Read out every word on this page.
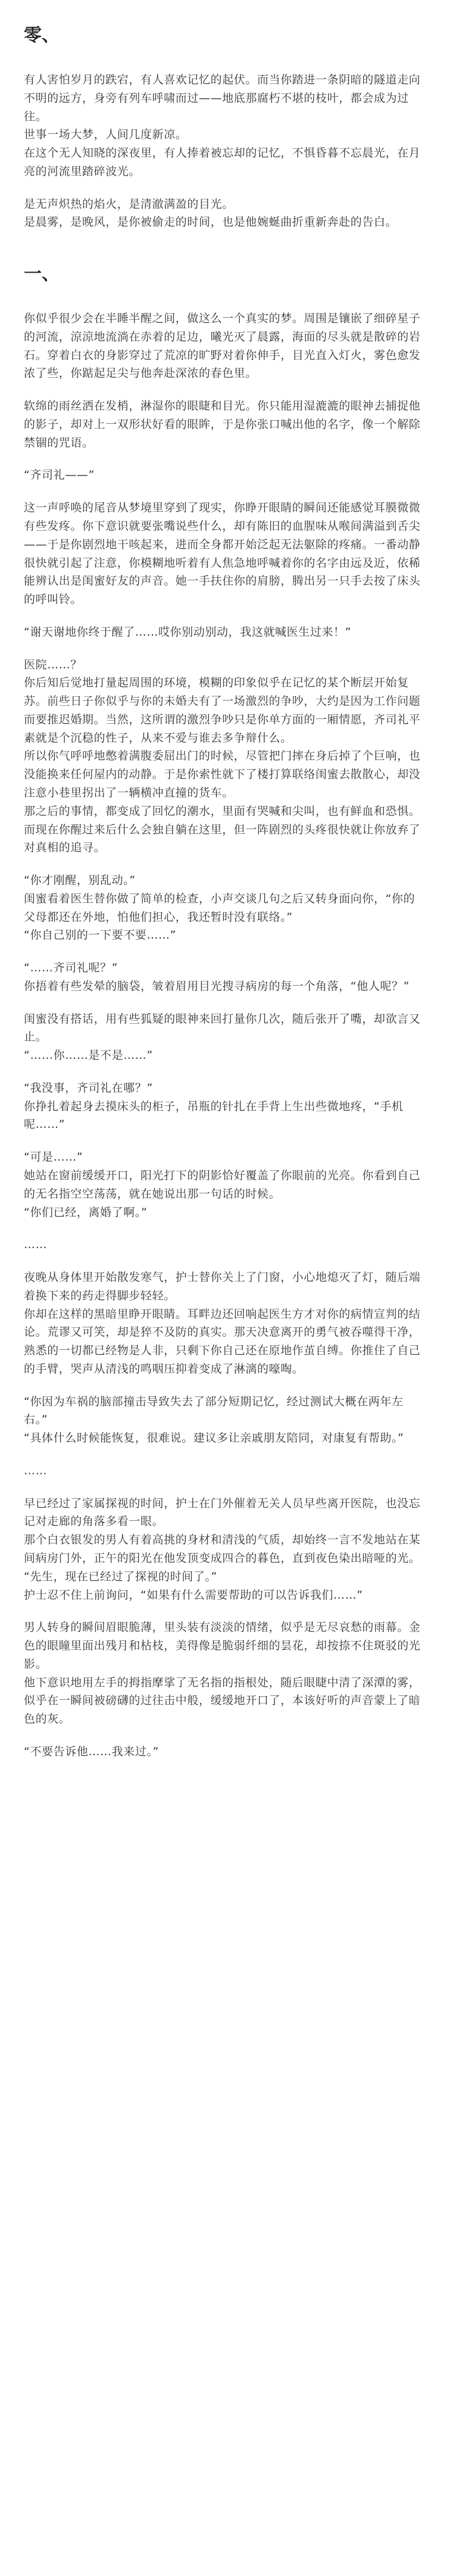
零、
有人害怕岁月的跌宕，有人喜欢记忆的起伏。而当你踏进一条阴暗的隧道走向不明的远方，身旁有列车呼啸而过——地底那腐朽不堪的枝叶，都会成为过往。
世事一场大梦，人间几度新凉。
在这个无人知晓的深夜里，有人捧着被忘却的记忆，不惧昏暮不忘晨光，在月亮的河流里踏碎波光。
是无声炽热的焰火，是清澈满盈的目光。
是晨雾，是晚风，是你被偷走的时间，也是他婉蜒曲折重新奔赴的告白。
一、
你似乎很少会在半睡半醒之间，做这么一个真实的梦。周围是镶嵌了细碎星子的河流，涼涼地流淌在赤着的足边，曦光灭了晨露，海面的尽头就是散碎的岩石。穿着白衣的身影穿过了荒凉的旷野对着你伸手，目光直入灯火，雾色愈发浓了些，你踮起足尖与他奔赴深浓的春色里。
软绵的雨丝洒在发梢，淋湿你的眼睫和目光。你只能用湿漉漉的眼神去捕捉他的影子，却对上一双形状好看的眼眸，于是你张口喊出他的名字，像一个解除禁锢的咒语。
“齐司礼——”
这一声呼唤的尾音从梦境里穿到了现实，你睁开眼睛的瞬间还能感觉耳膜微微有些发疼。你下意识就要张嘴说些什么，却有陈旧的血腥味从喉间满溢到舌尖——于是你剧烈地干咳起来，进而全身都开始泛起无法躯除的疼痛。一番动静很快就引起了注意，你模糊地听着有人焦急地呼喊着你的名字由远及近，依稀能辨认出是闺蜜好友的声音。她一手扶住你的肩膀，腾出另一只手去按了床头的呼叫铃。
“谢天谢地你终于醒了……哎你别动别动，我这就喊医生过来！”
医院……？
你后知后觉地打量起周围的环境，模糊的印象似乎在记忆的某个断层开始复苏。前些日子你似乎与你的未婚夫有了一场激烈的争吵，大约是因为工作问题而要推迟婚期。当然，这所谓的激烈争吵只是你单方面的一厢情愿，齐司礼平素就是个沉稳的性子，从来不爱与谁去多争辩什么。
所以你气呼呼地憋着满腹委屈出门的时候，尽管把门摔在身后掉了个巨响，也没能换来任何屋内的动静。于是你索性就下了楼打算联络闺蜜去散散心，却没注意小巷里拐出了一辆横冲直撞的货车。
那之后的事情，都变成了回忆的潮水，里面有哭喊和尖叫，也有鲜血和恐惧。而现在你醒过来后什么会独自躺在这里，但一阵剧烈的头疼很快就让你放弃了对真相的追寻。
“你才刚醒，别乱动。”
闺蜜看着医生替你做了简单的检查，小声交谈几句之后又转身面向你，“你的父母都还在外地，怕他们担心，我还暂时没有联络。”
“你自己别的一下要不要……”
“……齐司礼呢？”
你捂着有些发晕的脑袋，皱着眉用目光搜寻病房的每一个角落，“他人呢？”
闺蜜没有搭话，用有些狐疑的眼神来回打量你几次，随后张开了嘴，却欲言又止。
“……你……是不是……”
“我没事，齐司礼在哪？”
你挣扎着起身去摸床头的柜子，吊瓶的针扎在手背上生出些微地疼，“手机呢……”
“可是……”
她站在窗前缓缓开口，阳光打下的阴影恰好覆盖了你眼前的光亮。你看到自己的无名指空空荡荡，就在她说出那一句话的时候。
“你们已经，离婚了啊。”
……
夜晚从身体里开始散发寒气，护士替你关上了门窗，小心地熄灭了灯，随后端着换下来的药走得脚步轻轻。
你却在这样的黑暗里睁开眼睛。耳畔边还回响起医生方才对你的病情宣判的结论。荒谬又可笑，却是猝不及防的真实。那天决意离开的勇气被吞噬得干净，熟悉的一切都已经物是人非，只剩下你自己还在原地作茧自缚。你推住了自己的手臂，哭声从清浅的鸣咽压抑着变成了淋漓的嚎啕。
“你因为车祸的脑部撞击导致失去了部分短期记忆，经过测试大概在两年左右。”
“具体什么时候能恢复，很难说。建议多让亲戚朋友陪同，对康复有帮助。”
……
早已经过了家属探视的时间，护士在门外催着无关人员早些离开医院，也没忘记对走廊的角落多看一眼。
那个白衣银发的男人有着高挑的身材和清浅的气质，却始终一言不发地站在某间病房门外，正午的阳光在他发顶变成四合的暮色，直到夜色染出暗哑的光。
“先生，现在已经过了探视的时间了。”
护士忍不住上前询问，“如果有什么需要帮助的可以告诉我们……”
男人转身的瞬间眉眼脆薄，里头装有淡淡的情绪，似乎是无尽哀愁的雨幕。金色的眼瞳里面出残月和枯枝，美得像是脆弱纤细的昙花，却按捺不住斑驳的光影。
他下意识地用左手的拇指摩挲了无名指的指根处，随后眼睫中清了深潭的雾，似乎在一瞬间被磅礴的过往击中般，缓缓地开口了，本该好听的声音蒙上了暗色的灰。
“不要告诉他……我来过。”
